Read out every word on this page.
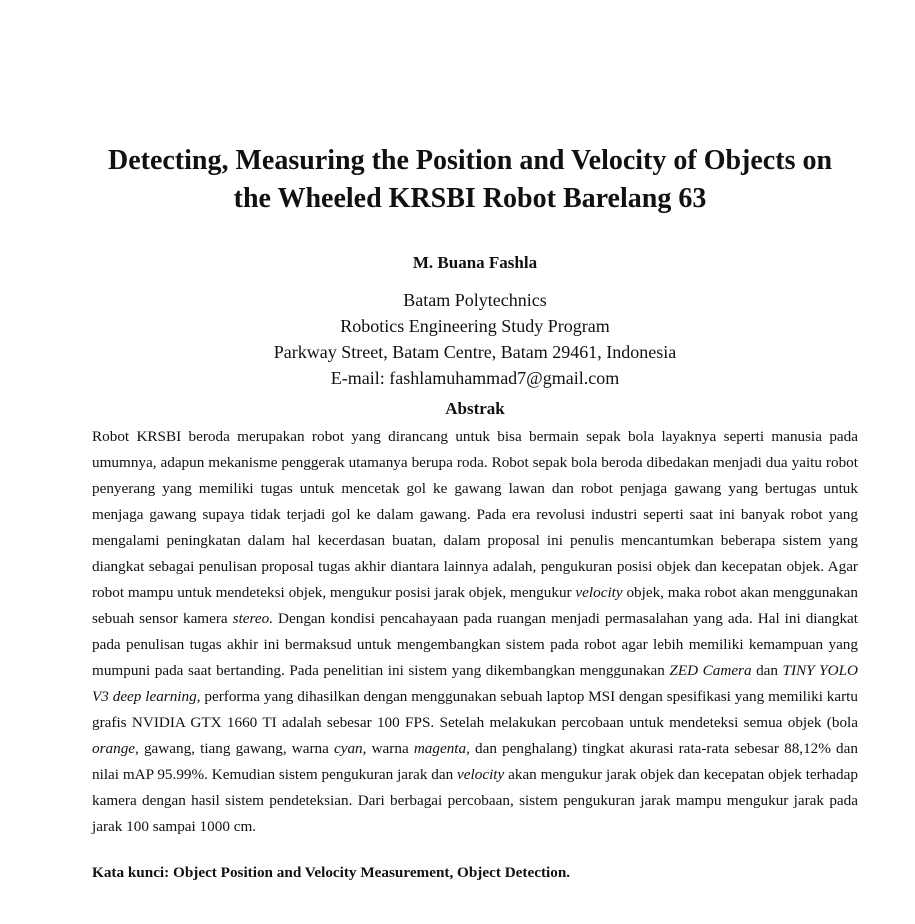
Detecting, Measuring the Position and Velocity of Objects on
the Wheeled KRSBI Robot Barelang 63
M. Buana Fashla
Batam Polytechnics
Robotics Engineering Study Program
Parkway Street, Batam Centre, Batam 29461, Indonesia
E-mail: fashlamuhammad7@gmail.com
Abstrak

Robot KRSBI beroda merupakan robot yang dirancang untuk bisa bermain sepak bola layaknya seperti manusia pada umumnya, adapun mekanisme penggerak utamanya berupa roda. Robot sepak bola beroda dibedakan menjadi dua yaitu robot penyerang yang memiliki tugas untuk mencetak gol ke gawang lawan dan robot penjaga gawang yang bertugas untuk menjaga gawang supaya tidak terjadi gol ke dalam gawang. Pada era revolusi industri seperti saat ini banyak robot yang mengalami peningkatan dalam hal kecerdasan buatan, dalam proposal ini penulis mencantumkan beberapa sistem yang diangkat sebagai penulisan proposal tugas akhir diantara lainnya adalah, pengukuran posisi objek dan kecepatan objek. Agar robot mampu untuk mendeteksi objek, mengukur posisi jarak objek, mengukur velocity objek, maka robot akan menggunakan sebuah sensor kamera stereo. Dengan kondisi pencahayaan pada ruangan menjadi permasalahan yang ada. Hal ini diangkat pada penulisan tugas akhir ini bermaksud untuk mengembangkan sistem pada robot agar lebih memiliki kemampuan yang mumpuni pada saat bertanding. Pada penelitian ini sistem yang dikembangkan menggunakan ZED Camera dan TINY YOLO V3 deep learning, performa yang dihasilkan dengan menggunakan sebuah laptop MSI dengan spesifikasi yang memiliki kartu grafis NVIDIA GTX 1660 TI adalah sebesar 100 FPS. Setelah melakukan percobaan untuk mendeteksi semua objek (bola orange, gawang, tiang gawang, warna cyan, warna magenta, dan penghalang) tingkat akurasi rata-rata sebesar 88,12% dan nilai mAP 95.99%. Kemudian sistem pengukuran jarak dan velocity akan mengukur jarak objek dan kecepatan objek terhadap kamera dengan hasil sistem pendeteksian. Dari berbagai percobaan, sistem pengukuran jarak mampu mengukur jarak pada jarak 100 sampai 1000 cm.

Kata kunci: Object Position and Velocity Measurement, Object Detection.
